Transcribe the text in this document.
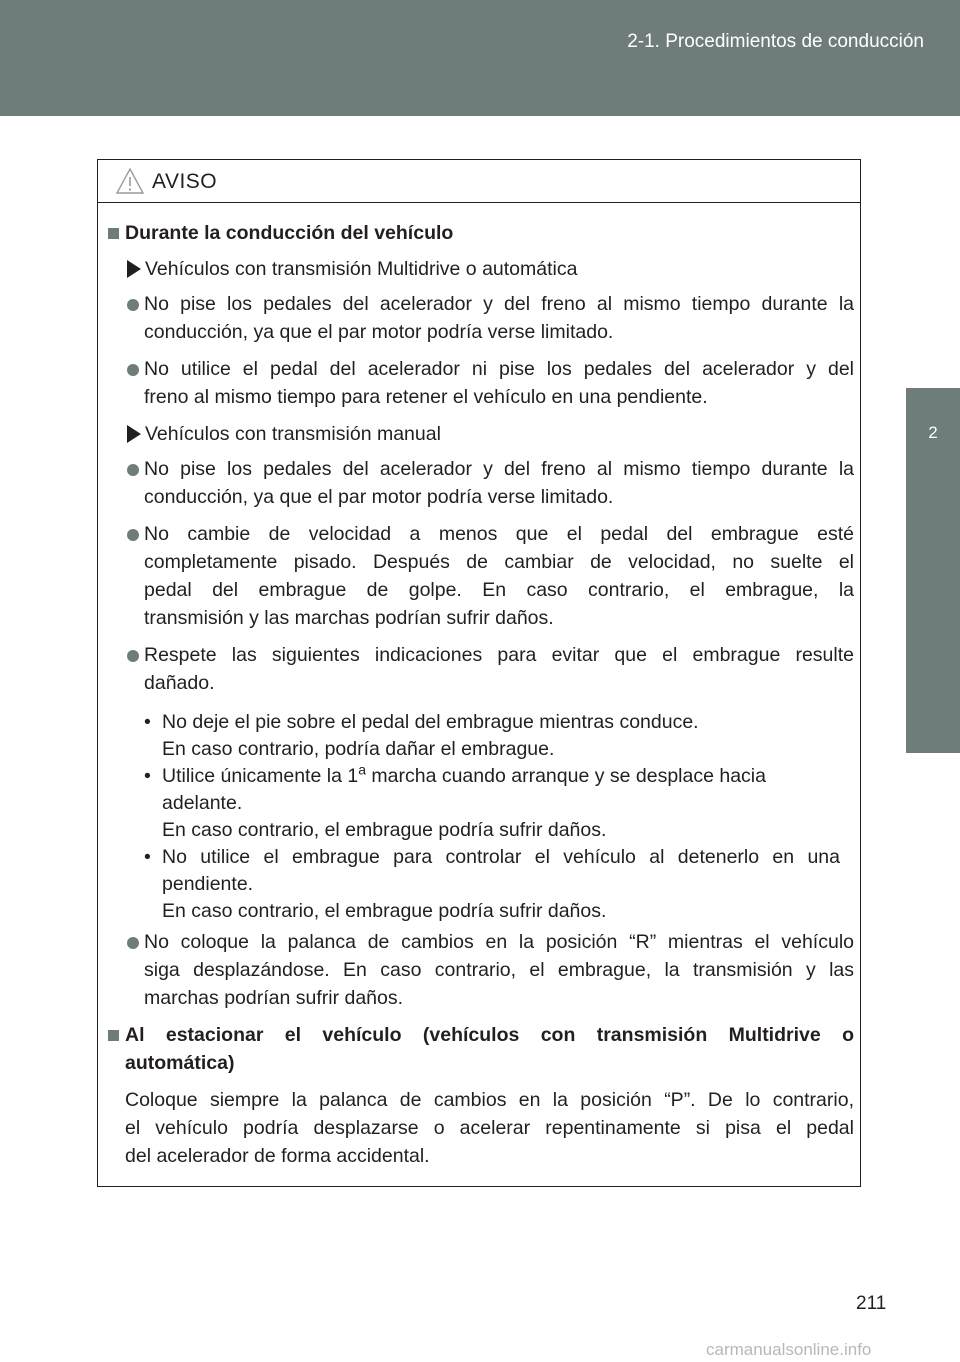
2-1. Procedimientos de conducción
2
Durante la conducción
AVISO
Durante la conducción del vehículo
Vehículos con transmisión Multidrive o automática
No pise los pedales del acelerador y del freno al mismo tiempo durante la
conducción, ya que el par motor podría verse limitado.
No utilice el pedal del acelerador ni pise los pedales del acelerador y del
freno al mismo tiempo para retener el vehículo en una pendiente.
Vehículos con transmisión manual
No pise los pedales del acelerador y del freno al mismo tiempo durante la
conducción, ya que el par motor podría verse limitado.
No cambie de velocidad a menos que el pedal del embrague esté
completamente pisado. Después de cambiar de velocidad, no suelte el
pedal del embrague de golpe. En caso contrario, el embrague, la
transmisión y las marchas podrían sufrir daños.
Respete las siguientes indicaciones para evitar que el embrague resulte
dañado.
• No deje el pie sobre el pedal del embrague mientras conduce.
En caso contrario, podría dañar el embrague.
• Utilice únicamente la 1$^a$ marcha cuando arranque y se desplace hacia
adelante.
En caso contrario, el embrague podría sufrir daños.
• No utilice el embrague para controlar el vehículo al detenerlo en una
pendiente.
En caso contrario, el embrague podría sufrir daños.
No coloque la palanca de cambios en la posición “R” mientras el vehículo
siga desplazándose. En caso contrario, el embrague, la transmisión y las
marchas podrían sufrir daños.
Al estacionar el vehículo (vehículos con transmisión Multidrive o
automática)
Coloque siempre la palanca de cambios en la posición “P”. De lo contrario,
el vehículo podría desplazarse o acelerar repentinamente si pisa el pedal
del acelerador de forma accidental.
211
carmanualsonline.info
